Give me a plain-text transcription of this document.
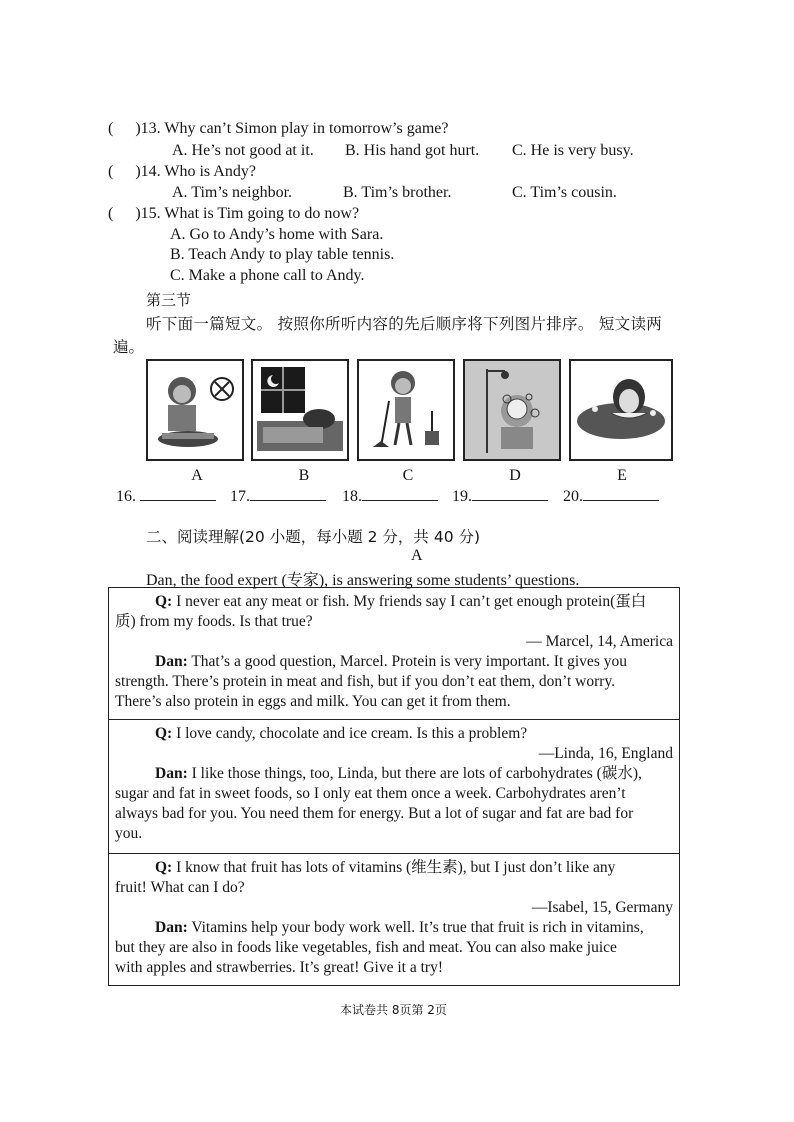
( )13. Why can’t Simon play in tomorrow’s game?
A. He’s not good at it. B. His hand got hurt. C. He is very busy.
( )14. Who is Andy?
A. Tim’s neighbor.	B. Tim’s brother.	C. Tim’s cousin.
( )15. What is Tim going to do now?
A. Go to Andy’s home with Sara.
B. Teach Andy to play table tennis.
C. Make a phone call to Andy.
第三节
听下面一篇短文。 按照你所听内容的先后顺序将下列图片排序。 短文读两
遍。
A	B	C	D	E
16.	17.	18.	19.	20.
二、阅读理解(20 小题，每小题 2 分，共 40 分)
A
Dan, the food expert (专家), is answering some students’ questions.
Q: I never eat any meat or fish. My friends say I can’t get enough protein(蛋白
质) from my foods. Is that true?
— Marcel, 14, America
Dan: That’s a good question, Marcel. Protein is very important. It gives you
strength. There’s protein in meat and fish, but if you don’t eat them, don’t worry.
There’s also protein in eggs and milk. You can get it from them.
Q: I love candy, chocolate and ice cream. Is this a problem?
—Linda, 16, England
Dan: I like those things, too, Linda, but there are lots of carbohydrates (碳水),
sugar and fat in sweet foods, so I only eat them once a week. Carbohydrates aren’t
always bad for you. You need them for energy. But a lot of sugar and fat are bad for
you.
Q: I know that fruit has lots of vitamins (维生素), but I just don’t like any
fruit! What can I do?
—Isabel, 15, Germany
Dan: Vitamins help your body work well. It’s true that fruit is rich in vitamins,
but they are also in foods like vegetables, fish and meat. You can also make juice
with apples and strawberries. It’s great! Give it a try!
本试卷共 8页第 2页
